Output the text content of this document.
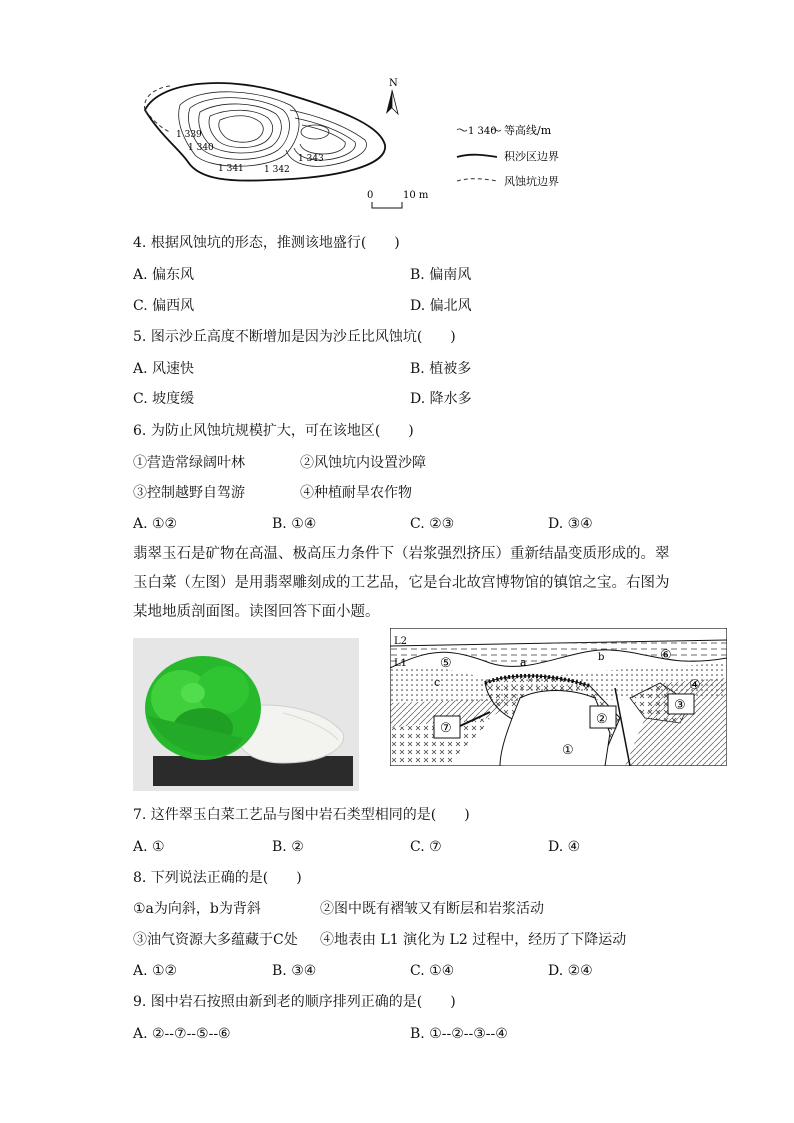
1 339
1 340
1 341 1 342
1 343
N
0	10 m
1 340 等高线/m
积沙区边界
风蚀坑边界
4. 根据风蚀坑的形态，推测该地盛行(　　)
A. 偏东风	B. 偏南风
C. 偏西风	D. 偏北风
5. 图示沙丘高度不断增加是因为沙丘比风蚀坑(　　)
A. 风速快	B. 植被多
C. 坡度缓	D. 降水多
6. 为防止风蚀坑规模扩大，可在该地区(　　)
①营造常绿阔叶林	②风蚀坑内设置沙障
③控制越野自驾游	④种植耐旱农作物
A. ①②	B. ①④	C. ②③	D. ③④
翡翠玉石是矿物在高温、极高压力条件下（岩浆强烈挤压）重新结晶变质形成的。翠玉白菜（左图）是用翡翠雕刻成的工艺品，它是台北故宫博物馆的镇馆之宝。右图为某地地质剖面图。读图回答下面小题。
L2
L1	a	b
c
①
②
③
④
⑤
⑥
⑦
7. 这件翠玉白菜工艺品与图中岩石类型相同的是(　　)
A. ①	B. ②	C. ⑦	D. ④
8. 下列说法正确的是(　　)
①a为向斜，b为背斜	②图中既有褶皱又有断层和岩浆活动
③油气资源大多蕴藏于C处 ④地表由 L1 演化为 L2 过程中，经历了下降运动
A. ①②	B. ③④	C. ①④	D. ②④
9. 图中岩石按照由新到老的顺序排列正确的是(　　)
A. ②--⑦--⑤--⑥	B. ①--②--③--④
